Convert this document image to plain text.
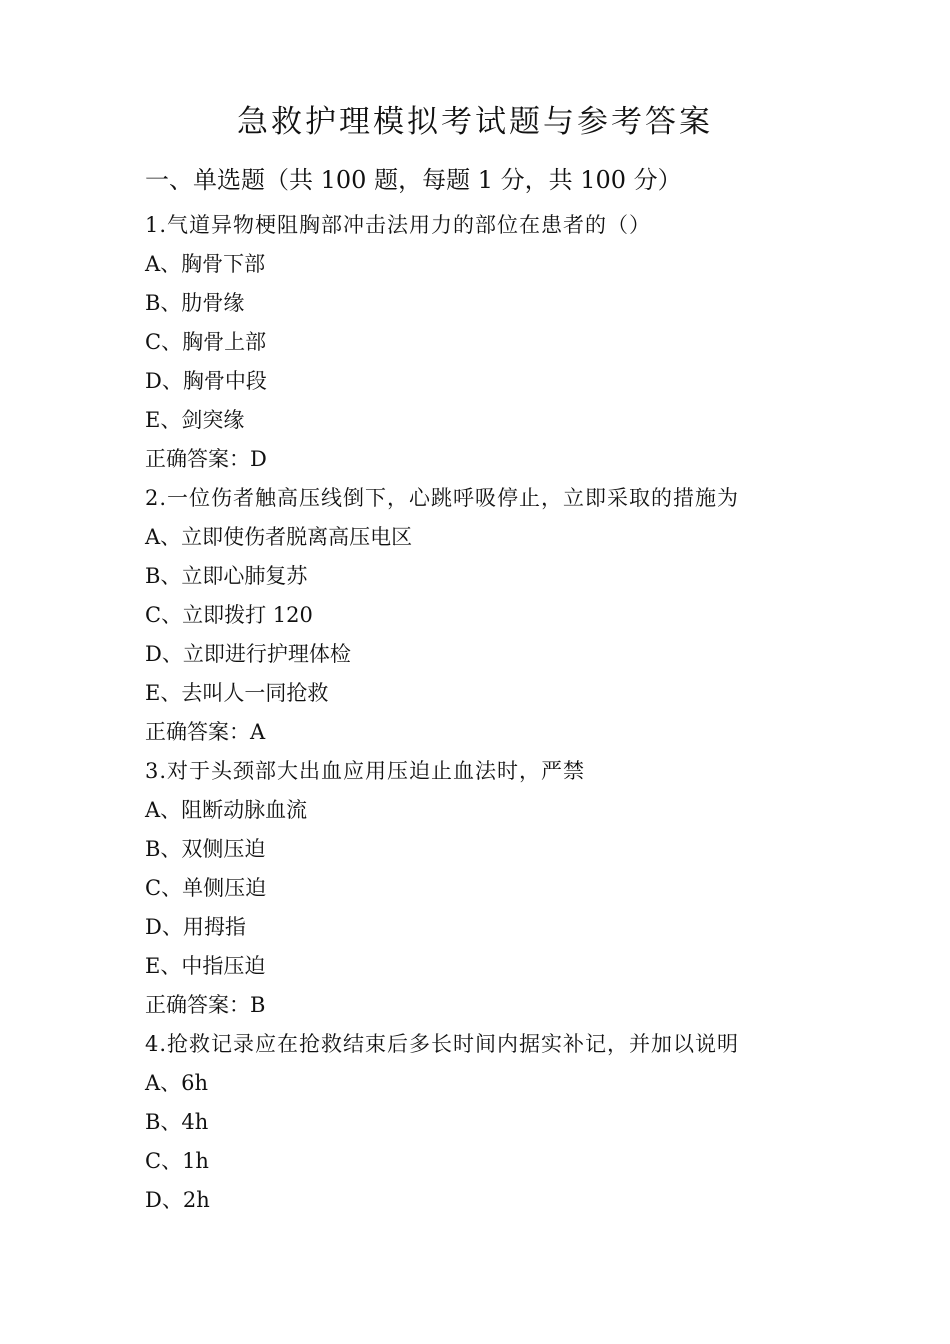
急救护理模拟考试题与参考答案
一、单选题（共 100 题，每题 1 分，共 100 分）
1.气道异物梗阻胸部冲击法用力的部位在患者的（）
A、胸骨下部
B、肋骨缘
C、胸骨上部
D、胸骨中段
E、剑突缘
正确答案：D
2.一位伤者触高压线倒下，心跳呼吸停止，立即采取的措施为
A、立即使伤者脱离高压电区
B、立即心肺复苏
C、立即拨打 120
D、立即进行护理体检
E、去叫人一同抢救
正确答案：A
3.对于头颈部大出血应用压迫止血法时，严禁
A、阻断动脉血流
B、双侧压迫
C、单侧压迫
D、用拇指
E、中指压迫
正确答案：B
4.抢救记录应在抢救结束后多长时间内据实补记，并加以说明
A、6h
B、4h
C、1h
D、2h
